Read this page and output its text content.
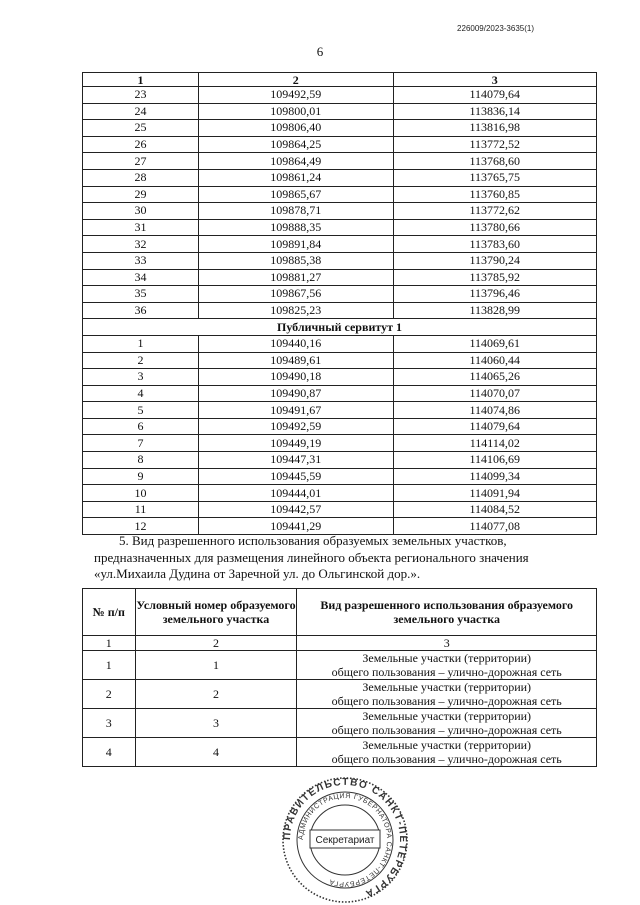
226009/2023-3635(1)
6
1	2	3
23	109492,59	114079,64
24	109800,01	113836,14
25	109806,40	113816,98
26	109864,25	113772,52
27	109864,49	113768,60
28	109861,24	113765,75
29	109865,67	113760,85
30	109878,71	113772,62
31	109888,35	113780,66
32	109891,84	113783,60
33	109885,38	113790,24
34	109881,27	113785,92
35	109867,56	113796,46
36	109825,23	113828,99
Публичный сервитут 1		
1	109440,16	114069,61
2	109489,61	114060,44
3	109490,18	114065,26
4	109490,87	114070,07
5	109491,67	114074,86
6	109492,59	114079,64
7	109449,19	114114,02
8	109447,31	114106,69
9	109445,59	114099,34
10	109444,01	114091,94
11	109442,57	114084,52
12	109441,29	114077,08

5. Вид разрешенного использования образуемых земельных участков,

предназначенных для размещения линейного объекта регионального значения

«ул.Михаила Дудина от Заречной ул. до Ольгинской дор.».

№ п/п	Условный номер образуемого земельного участка	Вид разрешенного использования образуемого земельного участка
1	2	3
1	1	Земельные участки (территории)
общего пользования – улично-дорожная сеть

2	2	Земельные участки (территории)
общего пользования – улично-дорожная сеть

3	3	Земельные участки (территории)
общего пользования – улично-дорожная сеть

4	4	Земельные участки (территории)
общего пользования – улично-дорожная сеть
ПРАВИТЕЛЬСТВО САНКТ-ПЕТЕРБУРГА
АДМИНИСТРАЦИЯ ГУБЕРНАТОРА САНКТ-ПЕТЕРБУРГА
Секретариат
